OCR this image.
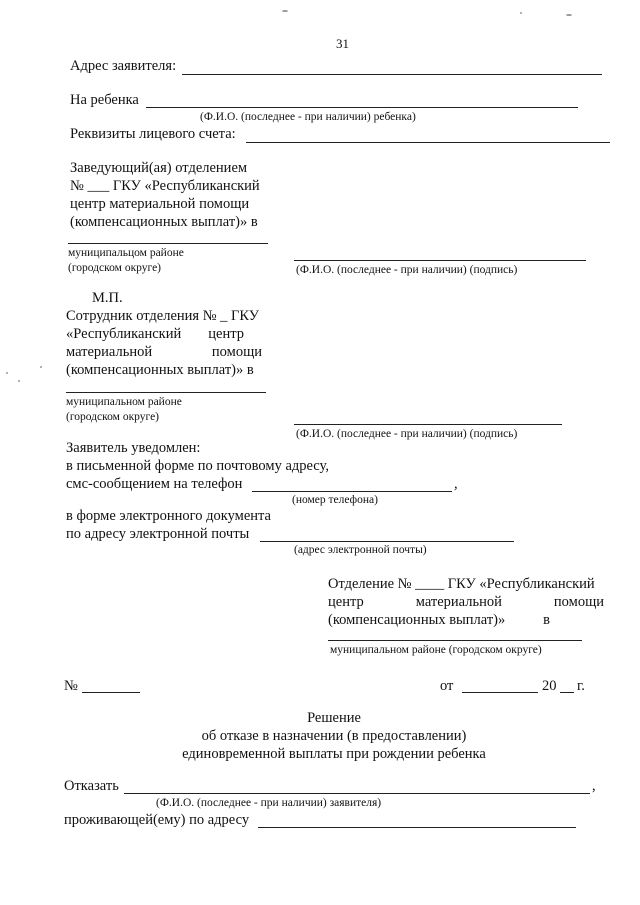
31
Адрес заявителя:
На ребенка
(Ф.И.О. (последнее - при наличии) ребенка)
Реквизиты лицевого счета:
Заведующий(ая) отделением
№ ___ ГКУ «Республиканский
центр материальной помощи
(компенсационных выплат)» в
муниципальцом районе
(городском округе)	(Ф.И.О. (последнее - при наличии) (подпись)
М.П.
Сотрудник отделения № _ ГКУ
«Республиканский центр
материальной	помощи
(компенсационных выплат)» в
муниципальном районе
(городском округе)
(Ф.И.О. (последнее - при наличии) (подпись)
Заявитель уведомлен:
в письменной форме по почтовому адресу,
смс-сообщением на телефон	,
(номер телефона)
в форме электронного документа
по адресу электронной почты
(адрес электронной почты)
Отделение № ____ ГКУ «Республиканский
центр	материальной	помощи
(компенсационных выплат)»	в
муниципальном районе (городском округе)
№	от	20 г.
Решение
об отказе в назначении (в предоставлении)
единовременной выплаты при рождении ребенка
Отказать	,
(Ф.И.О. (последнее - при наличии) заявителя)
проживающей(ему) по адресу
